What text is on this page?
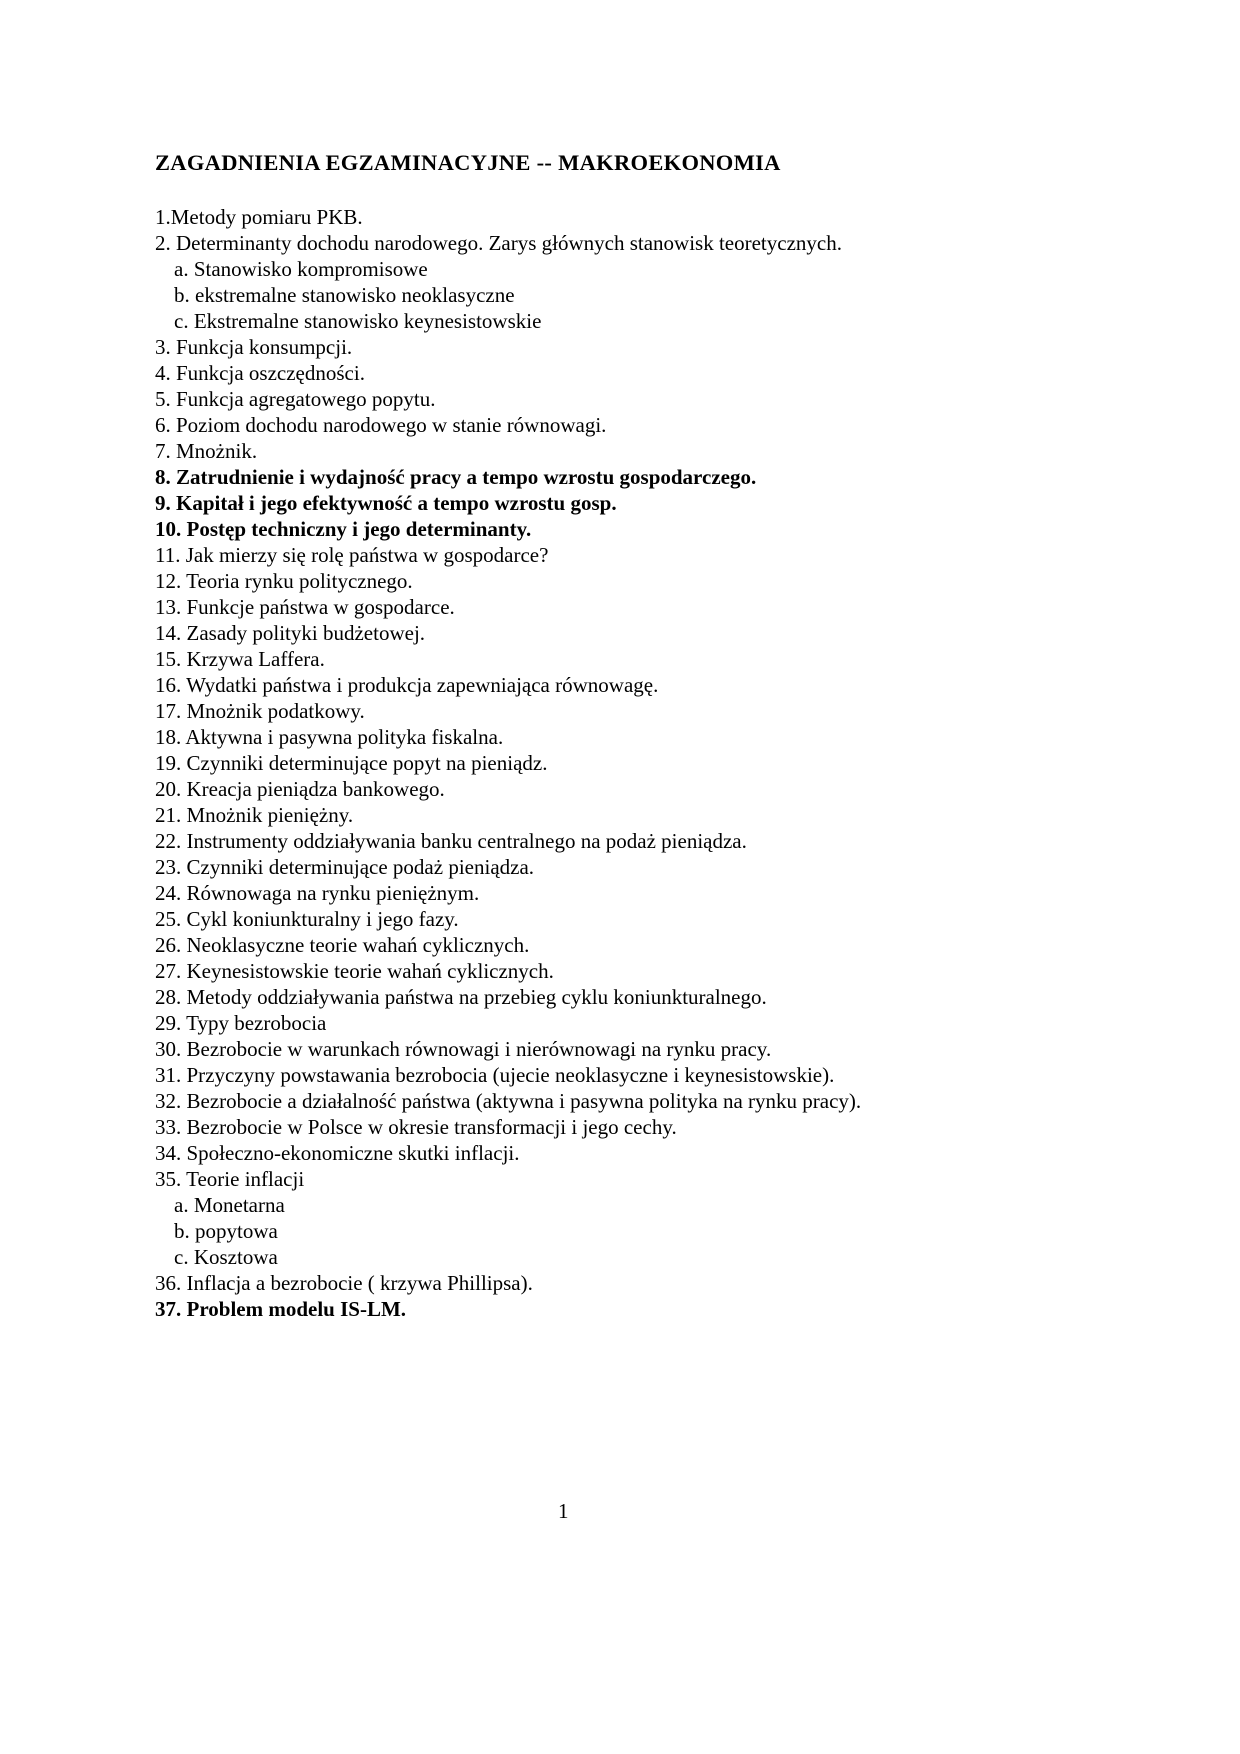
ZAGADNIENIA EGZAMINACYJNE -- MAKROEKONOMIA
1.Metody pomiaru PKB.
2. Determinanty dochodu narodowego. Zarys głównych stanowisk teoretycznych.
a. Stanowisko kompromisowe
b. ekstremalne stanowisko neoklasyczne
c. Ekstremalne stanowisko keynesistowskie
3. Funkcja konsumpcji.
4. Funkcja oszczędności.
5. Funkcja agregatowego popytu.
6. Poziom dochodu narodowego w stanie równowagi.
7. Mnożnik.
8. Zatrudnienie i wydajność pracy a tempo wzrostu gospodarczego.
9. Kapitał i jego efektywność a tempo wzrostu gosp.
10. Postęp techniczny i jego determinanty.
11. Jak mierzy się rolę państwa w gospodarce?
12. Teoria rynku politycznego.
13. Funkcje państwa w gospodarce.
14. Zasady polityki budżetowej.
15. Krzywa Laffera.
16. Wydatki państwa i produkcja zapewniająca równowagę.
17. Mnożnik podatkowy.
18. Aktywna i pasywna polityka fiskalna.
19. Czynniki determinujące popyt na pieniądz.
20. Kreacja pieniądza bankowego.
21. Mnożnik pieniężny.
22. Instrumenty oddziaływania banku centralnego na podaż pieniądza.
23. Czynniki determinujące podaż pieniądza.
24. Równowaga na rynku pieniężnym.
25. Cykl koniunkturalny i jego fazy.
26. Neoklasyczne teorie wahań cyklicznych.
27. Keynesistowskie teorie wahań cyklicznych.
28. Metody oddziaływania państwa na przebieg cyklu koniunkturalnego.
29. Typy bezrobocia
30. Bezrobocie w warunkach równowagi i nierównowagi na rynku pracy.
31. Przyczyny powstawania bezrobocia (ujecie neoklasyczne i keynesistowskie).
32. Bezrobocie a działalność państwa (aktywna i pasywna polityka na rynku pracy).
33. Bezrobocie w Polsce w okresie transformacji i jego cechy.
34. Społeczno-ekonomiczne skutki inflacji.
35. Teorie inflacji
a. Monetarna
b. popytowa
c. Kosztowa
36. Inflacja a bezrobocie ( krzywa Phillipsa).
37. Problem modelu IS-LM.
1
